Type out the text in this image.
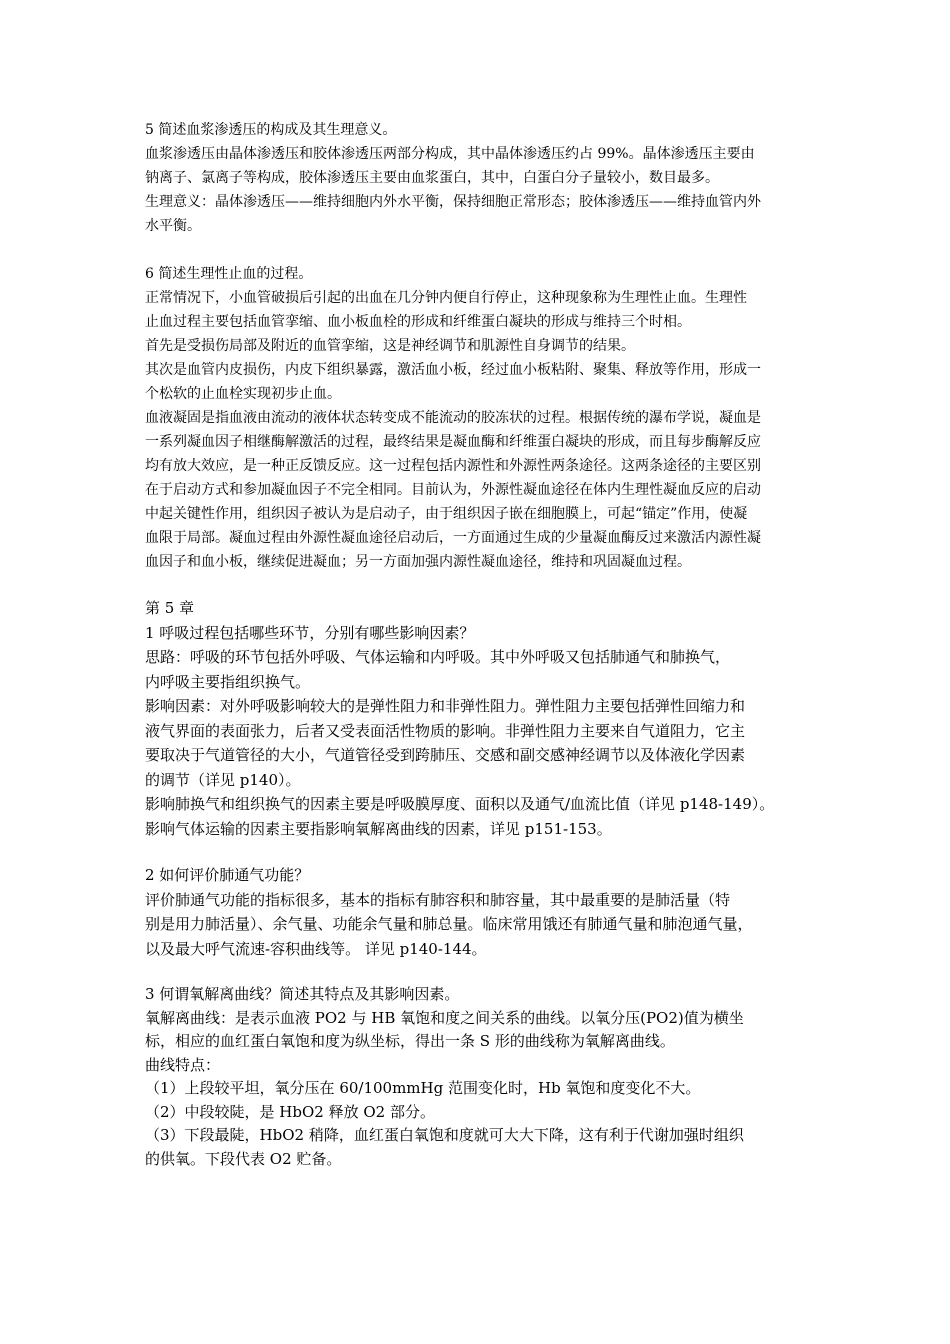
5 简述血浆渗透压的构成及其生理意义。
血浆渗透压由晶体渗透压和胶体渗透压两部分构成，其中晶体渗透压约占 99%。晶体渗透压主要由
钠离子、氯离子等构成，胶体渗透压主要由血浆蛋白，其中，白蛋白分子量较小，数目最多。
生理意义：晶体渗透压——维持细胞内外水平衡，保持细胞正常形态；胶体渗透压——维持血管内外
水平衡。
6 简述生理性止血的过程。
正常情况下，小血管破损后引起的出血在几分钟内便自行停止，这种现象称为生理性止血。生理性
止血过程主要包括血管挛缩、血小板血栓的形成和纤维蛋白凝块的形成与维持三个时相。
首先是受损伤局部及附近的血管挛缩，这是神经调节和肌源性自身调节的结果。
其次是血管内皮损伤，内皮下组织暴露，激活血小板，经过血小板粘附、聚集、释放等作用，形成一
个松软的止血栓实现初步止血。
血液凝固是指血液由流动的液体状态转变成不能流动的胶冻状的过程。根据传统的瀑布学说，凝血是
一系列凝血因子相继酶解激活的过程，最终结果是凝血酶和纤维蛋白凝块的形成，而且每步酶解反应
均有放大效应，是一种正反馈反应。这一过程包括内源性和外源性两条途径。这两条途径的主要区别
在于启动方式和参加凝血因子不完全相同。目前认为，外源性凝血途径在体内生理性凝血反应的启动
中起关键性作用，组织因子被认为是启动子，由于组织因子嵌在细胞膜上，可起“锚定”作用，使凝
血限于局部。凝血过程由外源性凝血途径启动后，一方面通过生成的少量凝血酶反过来激活内源性凝
血因子和血小板，继续促进凝血；另一方面加强内源性凝血途径，维持和巩固凝血过程。
第 5 章
1 呼吸过程包括哪些环节，分别有哪些影响因素？
思路：呼吸的环节包括外呼吸、气体运输和内呼吸。其中外呼吸又包括肺通气和肺换气，
内呼吸主要指组织换气。
影响因素：对外呼吸影响较大的是弹性阻力和非弹性阻力。弹性阻力主要包括弹性回缩力和
液气界面的表面张力，后者又受表面活性物质的影响。非弹性阻力主要来自气道阻力，它主
要取决于气道管径的大小，气道管径受到跨肺压、交感和副交感神经调节以及体液化学因素
的调节（详见 p140）。
影响肺换气和组织换气的因素主要是呼吸膜厚度、面积以及通气/血流比值（详见 p148-149）。
影响气体运输的因素主要指影响氧解离曲线的因素，详见 p151-153。
2 如何评价肺通气功能？
评价肺通气功能的指标很多，基本的指标有肺容积和肺容量，其中最重要的是肺活量（特
别是用力肺活量）、余气量、功能余气量和肺总量。临床常用饿还有肺通气量和肺泡通气量，
以及最大呼气流速-容积曲线等。 详见 p140-144。
3 何谓氧解离曲线？简述其特点及其影响因素。
氧解离曲线：是表示血液 PO2 与 HB 氧饱和度之间关系的曲线。以氧分压(PO2)值为横坐
标，相应的血红蛋白氧饱和度为纵坐标，得出一条 S 形的曲线称为氧解离曲线。
曲线特点：
（1）上段较平坦，氧分压在 60/100mmHg 范围变化时，Hb 氧饱和度变化不大。
（2）中段较陡，是 HbO2 释放 O2 部分。
（3）下段最陡，HbO2 稍降，血红蛋白氧饱和度就可大大下降，这有利于代谢加强时组织
的供氧。下段代表 O2 贮备。
